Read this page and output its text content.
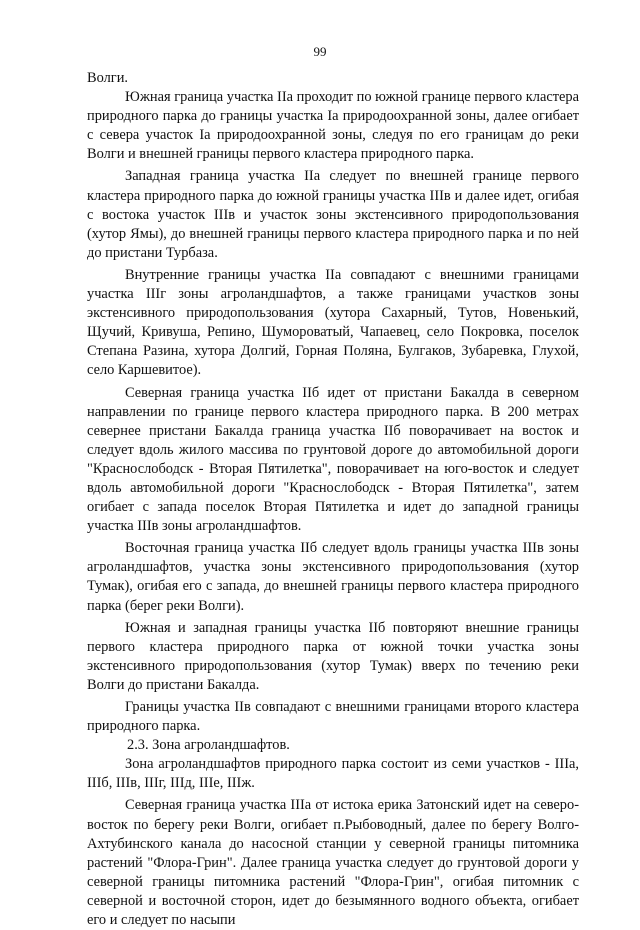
99

Волги.

Южная граница участка IIа проходит по южной границе первого кластера природного парка до границы участка Iа природоохранной зоны, далее огибает с севера участок Iа природоохранной зоны, следуя по его границам до реки Волги и внешней границы первого кластера природного парка.

Западная граница участка IIа следует по внешней границе первого кластера природного парка до южной границы участка IIIв и далее идет, огибая с востока участок IIIв и участок зоны экстенсивного природопользования (хутор Ямы), до внешней границы первого кластера природного парка и по ней до пристани Турбаза.

Внутренние границы участка IIа совпадают с внешними границами участка IIIг зоны агроландшафтов, а также границами участков зоны экстенсивного природопользования (хутора Сахарный, Тутов, Новенький, Щучий, Кривуша, Репино, Шумороватый, Чапаевец, село Покровка, поселок Степана Разина, хутора Долгий, Горная Поляна, Булгаков, Зубаревка, Глухой, село Каршевитое).

Северная граница участка IIб идет от пристани Бакалда в северном направлении по границе первого кластера природного парка. В 200 метрах севернее пристани Бакалда граница участка IIб поворачивает на восток и следует вдоль жилого массива по грунтовой дороге до автомобильной дороги "Краснослободск - Вторая Пятилетка", поворачивает на юго-восток и следует вдоль автомобильной дороги "Краснослободск - Вторая Пятилетка", затем огибает с запада поселок Вторая Пятилетка и идет до западной границы участка IIIв зоны агроландшафтов.

Восточная граница участка IIб следует вдоль границы участка IIIв зоны агроландшафтов, участка зоны экстенсивного природопользования (хутор Тумак), огибая его с запада, до внешней границы первого кластера природного парка (берег реки Волги).

Южная и западная границы участка IIб повторяют внешние границы первого кластера природного парка от южной точки участка зоны экстенсивного природопользования (хутор Тумак) вверх по течению реки Волги до пристани Бакалда.

Границы участка IIв совпадают с внешними границами второго кластера природного парка.

2.3. Зона агроландшафтов.

Зона агроландшафтов природного парка состоит из семи участков - IIIа, IIIб, IIIв, IIIг, IIIд, IIIе, IIIж.

Северная граница участка IIIа от истока ерика Затонский идет на северо-восток по берегу реки Волги, огибает п.Рыбоводный, далее по берегу Волго-Ахтубинского канала до насосной станции у северной границы питомника растений "Флора-Грин". Далее граница участка следует до грунтовой дороги у северной границы питомника растений "Флора-Грин", огибая питомник с северной и восточной сторон, идет до безымянного водного объекта, огибает его и следует по насыпи
